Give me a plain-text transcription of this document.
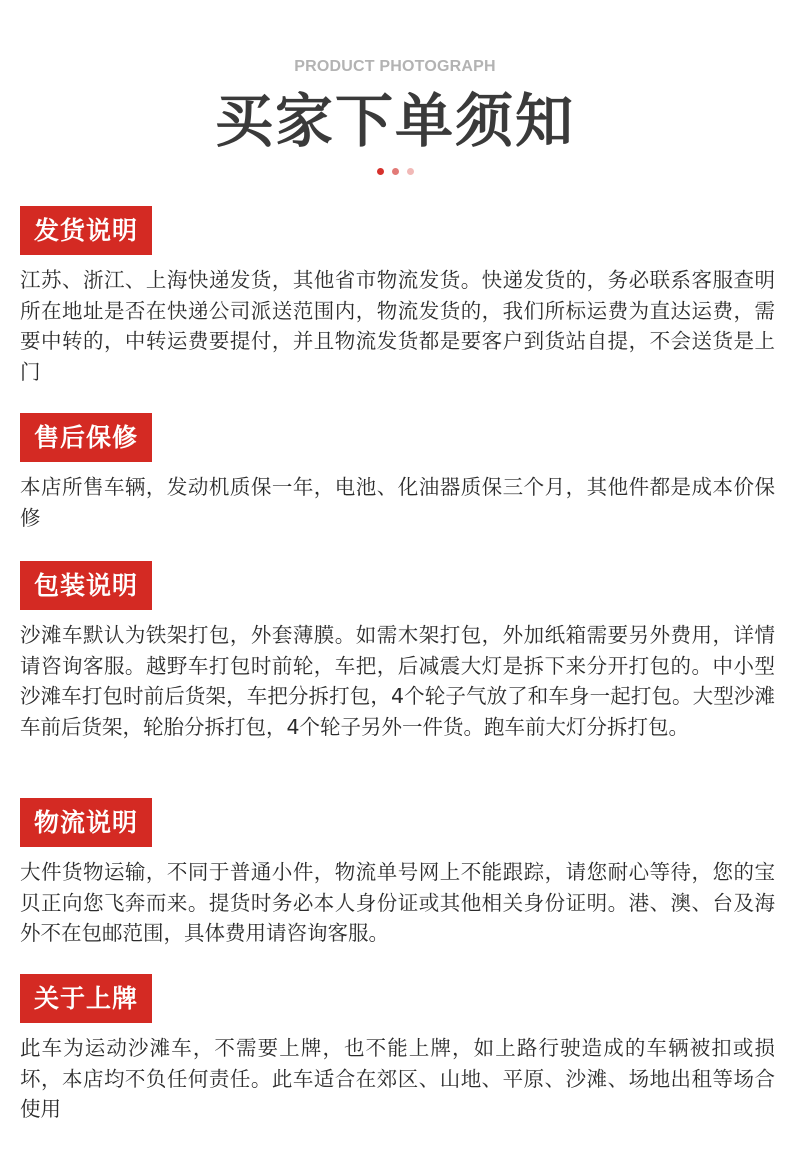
PRODUCT PHOTOGRAPH
买家下单须知
发货说明
江苏、浙江、上海快递发货，其他省市物流发货。快递发货的，务必联系客服查明所在地址是否在快递公司派送范围内，物流发货的，我们所标运费为直达运费，需要中转的，中转运费要提付，并且物流发货都是要客户到货站自提，不会送货是上门
售后保修
本店所售车辆，发动机质保一年，电池、化油器质保三个月，其他件都是成本价保修
包装说明
沙滩车默认为铁架打包，外套薄膜。如需木架打包，外加纸箱需要另外费用，详情请咨询客服。越野车打包时前轮，车把，后减震大灯是拆下来分开打包的。中小型沙滩车打包时前后货架，车把分拆打包，4个轮子气放了和车身一起打包。大型沙滩车前后货架，轮胎分拆打包，4个轮子另外一件货。跑车前大灯分拆打包。
物流说明
大件货物运输，不同于普通小件，物流单号网上不能跟踪，请您耐心等待，您的宝贝正向您飞奔而来。提货时务必本人身份证或其他相关身份证明。港、澳、台及海外不在包邮范围，具体费用请咨询客服。
关于上牌
此车为运动沙滩车，不需要上牌，也不能上牌，如上路行驶造成的车辆被扣或损坏，本店均不负任何责任。此车适合在郊区、山地、平原、沙滩、场地出租等场合使用
